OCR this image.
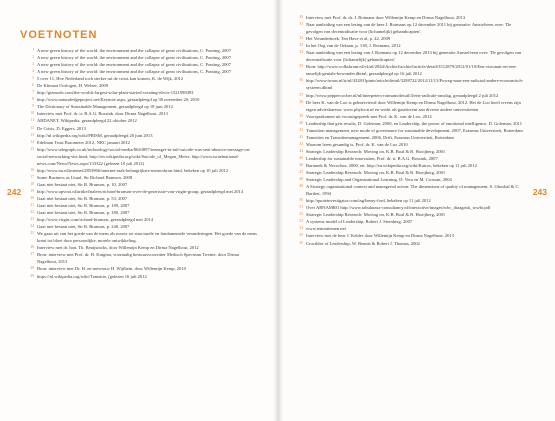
VOETNOTEN
242
1 A new green history of the world: the environment and the collapse of great civilisations, C. Ponting, 2007
2 A new green history of the world: the environment and the collapse of great civilisations, C. Ponting, 2007
3 A new green history of the world: the environment and the collapse of great civilisations, C. Ponting, 2007
4 A new green history of the world: the environment and the collapse of great civilisations, C. Ponting, 2007
5 5 over 11, Hoe Nederland toch sterker uit de crisis kan komen, K. de Wijk, 2012
6 De Klimaat Oorlogen, H. Welzer, 2009
7 http://gizmodo.com/the-worlds-largest-solar-plant-started-creating-electr-1521998493
8 http://www.naturaledgeproject.net/Keynote.aspx, geraadpleegd op 30 november 20, 2010
9 The Dictionary of Sustainable Management, geraadpleegd op 18 juni 2012
10 Interview met Prof. dr. ir. B.A.G. Bossink, door Dirma Nagelhout, 2013
11 ABDANET, Wikipedia, geraadpleegd 22 oktober 2012
12 De Crisis, D. Eggers, 2013
13 http://nl.wikipedia.org/wiki/PRISM, geraadpleegd 20 juni 2013
14 Edelman Trust Barometer 2012; NRC januari 2012
15 http://www.telegraph.co.uk/technology/social-media/8643897/teenager-in-tail-suicide-was-sent-abusive-message-on-social-networking-site.html; http://en.wikipedia.org/wiki/Suicide_of_Megan_Meier; http://www.israelnational-news.com/News/News.aspx/133322 (gelezen 10 juli 2012)
16 http://www.nu.nl/internet/2853966/internet-raak-belangrijkste-nieuwsbron.html, bekeken op 10 juli 2012
17 Some Business as Usual, Sir Richard Branson, 2008
18 Gaat niet bestaat niet, Sir R. Branson, p. 10, 2007
19 http://www.upvoot.nl/artikel/nalees/richard-branson-over-de-geserissie-van-virgin-group, geraadpleegd mei 2014
20 Gaat niet bestaat niet, Sir R. Branson, p. 53, 2007
21 Gaat niet bestaat niet, Sir R. Branson, p. 189, 2007
22 Gaat niet bestaat niet, Sir R. Branson, p. 180, 2007
23 http://www.virgin.com/richard-branson, geraadpleegd mei 2014
24 Gaat niet bestaat niet, Sir R. Branson, p. 248, 2007
25 We gaan uit van het goede van de mens als mooie tot structurele en fundamentele veranderingen. Het goede van de mens komt tot bloei door persoonlijke, morele ontwikkeling.
26 Interview met dr. hon. Th. Beuijsincks, door Willemijn Kemp en Dirma Nagelhout, 2012
27 Bron: interview met Prof. dr. H. Kingma, voormalig bestuursvoorzitter Medisch Spectrum Twente, door Dirma Nagelhout, 2013
28 Bron: interview met Dr. H. en mevrouw H. Wijfbein, door Willemijn Kemp, 2010
29 https://nl.wikipedia.org/wiki/Transitie, (gelezen 16 juli 2012
243
30 Interview met Prof. dr. dr. J. Rotmans door Willemijn Kemp en Dirma Nagelhout, 2013
31 Naar aanleiding van een lezing van de heer J. Rotmans op 12 december 2011 bij generatie: Amstelveen over: 'De gevolgen van decentralisatie voor (lichamelijk) gehandicapten'.
32 Het Veranderboek, Ten Have et al, p. 42, 2009
33 In het Oog van de Orkaan, p. 138, J. Rotmans, 2012
34 Naar aanleiding van een lezing van J. Rotmans op 12 december 2013 bij generatie Amstelveen over: 'De gevolgen van decentralisatie voor (lichamelijk) gehandicapten'.
35 Bron: http://www.volkskrant.nl/vk/nl/2844/Archief/archief/article/detail/3512879/2012/01/10/Een-visionair-en-een-tamelijk-geniale-bewonder.dhtml, geraadpleegd op 16 juli 2012
36 http://www.trouw.nl/tr/nl/4328/Opinie/article/detail/3298722/2012/11/13/Poweg-naar-een-radicaal-andere-economisch-systeem.dhtml
37 http://www.peppercocher.nl/nl/interpeters-rotmans/detail/4/een-radicale-omslag, geraadpleegd 2 juli 2012
38 De heer K. van de Loo is gelnterviewd door Willemijn Kemp en Dirma Nagelhout, 2012. Het de Loo heeft tevens zijn eigen adviesbureau: www.phyloon.nl en werkt als gastdocent aan diverse andere universiteiten
39 Voorsprakomen uit vooruitgepreek met Prof. dr. K. van de Loo, 2014
40 Leadership that gets results, D. Goleman, 2000, en Leadership, the power of emotional intelligence, D. Goleman, 2011
41 Transition management, new mode of governance for sustainable development, 2007, Erasmus Universiteit, Rotterdam
42 Transities en Transitiemanagement, 2006, Drift, Erasmus Universiteit, Rotterdam
43 Waarom leren gesundig is, Prof. dr. K. van de Loo 2010
44 Strategic Leadership Research: Moving on, K.B. Boal & R. Hooijberg, 2001
45 Leadership for sustainable innovation, Prof. dr. ir. B.A.G. Bossink, 2007
46 Bartunek & Necochea, 2000, en: http://en.wikipedia.org/wiki/Kairos, bekeken op 11 juli 2012
47 Strategic Leadership Research: Moving on, K.B. Boal & R. Hooijberg, 2001
48 Strategic Leadership and Organizational Learning, D. Vera en M. Crossan, 2004
49 A Strategy organizational context and managerial action: The dimensions of quality of management, S. Ghoshal & C. Bartlett, 1994
50 http://quoteinvestigator.com/tag/henry-ford, bekeken op 11 juli 2012
51 Over ABNAMRO http://www.tabularasa-consultancy.nl/interactive/images/wbc_diaagrisk_rowbt.pdf
52 Strategic Leadership Research: Moving on, K.B. Boal & R. Hooijberg, 2001
53 A systems model of Leadership, Robert J. Sternberg, 2007
54 www.tenontiemen.net
55 Interview met de heer J. Kelder door Willemijn Kemp en Dirma Nagelhout, 2013
56 Crucibles of Leadership, W. Bennis & Robert J. Thomas, 2002
